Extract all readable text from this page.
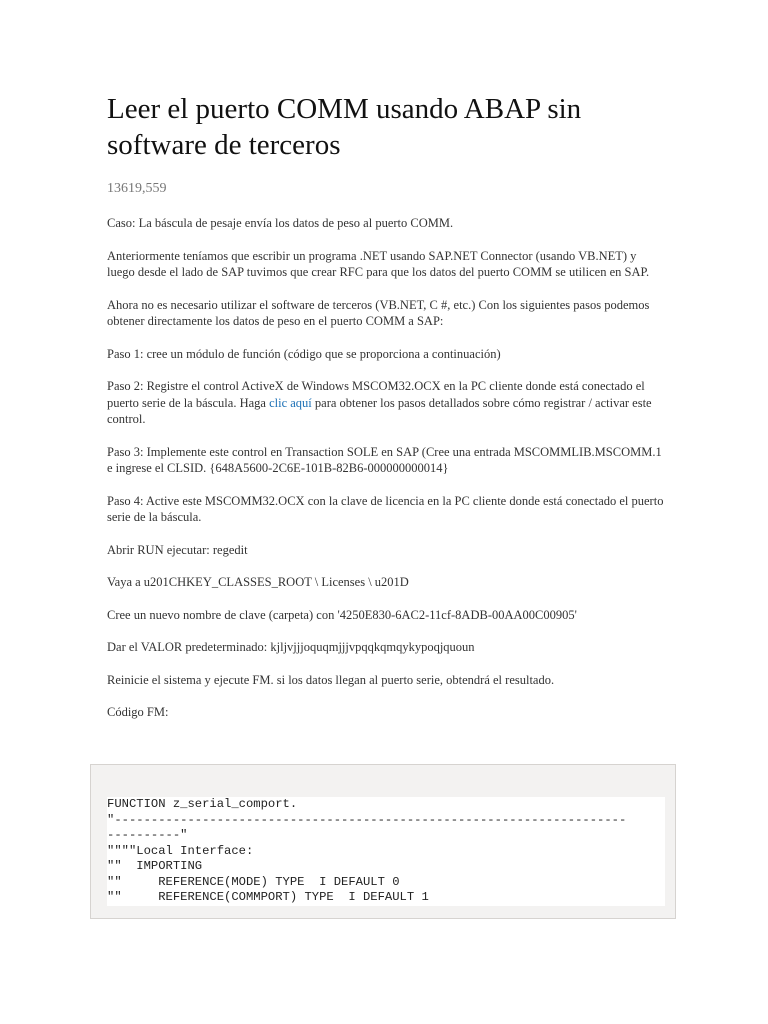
Leer el puerto COMM usando ABAP sin software de terceros
13619,559

Caso: La báscula de pesaje envía los datos de peso al puerto COMM.

Anteriormente teníamos que escribir un programa .NET usando SAP.NET Connector (usando VB.NET) y luego desde el lado de SAP tuvimos que crear RFC para que los datos del puerto COMM se utilicen en SAP.

Ahora no es necesario utilizar el software de terceros (VB.NET, C #, etc.) Con los siguientes pasos podemos obtener directamente los datos de peso en el puerto COMM a SAP:

Paso 1: cree un módulo de función (código que se proporciona a continuación)

Paso 2: Registre el control ActiveX de Windows MSCOM32.OCX en la PC cliente donde está conectado el puerto serie de la báscula. Haga clic aquí para obtener los pasos detallados sobre cómo registrar / activar este control.

Paso 3: Implemente este control en Transaction SOLE en SAP (Cree una entrada MSCOMMLIB.MSCOMM.1 e ingrese el CLSID. {648A5600-2C6E-101B-82B6-000000000014}

Paso 4: Active este MSCOMM32.OCX con la clave de licencia en la PC cliente donde está conectado el puerto serie de la báscula.

Abrir RUN ejecutar: regedit

Vaya a u201CHKEY_CLASSES_ROOT \ Licenses \ u201D

Cree un nuevo nombre de clave (carpeta) con '4250E830-6AC2-11cf-8ADB-00AA00C00905'

Dar el VALOR predeterminado: kjljvjjjoquqmjjjvpqqkqmqykypoqjquoun

Reinicie el sistema y ejecute FM. si los datos llegan al puerto serie, obtendrá el resultado.

Código FM:

FUNCTION z_serial_comport.
"----------------------------------------------------------------------
----------"
""""Local Interface:
""  IMPORTING
""     REFERENCE(MODE) TYPE  I DEFAULT 0
""     REFERENCE(COMMPORT) TYPE  I DEFAULT 1
